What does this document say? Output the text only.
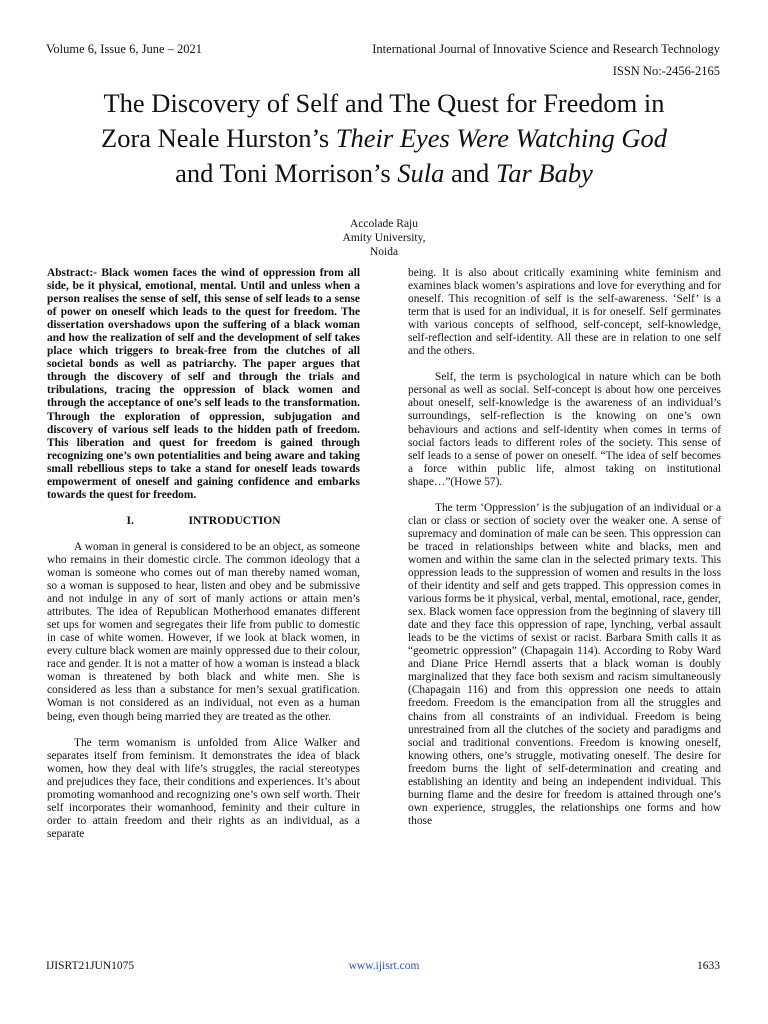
Volume 6, Issue 6, June – 2021	International Journal of Innovative Science and Research Technology
ISSN No:-2456-2165
The Discovery of Self and The Quest for Freedom in
Zora Neale Hurston’s Their Eyes Were Watching God
and Toni Morrison’s Sula and Tar Baby
Accolade Raju
Amity University,
Noida

Abstract:- Black women faces the wind of oppression from all side, be it physical, emotional, mental. Until and unless when a person realises the sense of self, this sense of self leads to a sense of power on oneself which leads to the quest for freedom. The dissertation overshadows upon the suffering of a black woman and how the realization of self and the development of self takes place which triggers to break-free from the clutches of all societal bonds as well as patriarchy. The paper argues that through the discovery of self and through the trials and tribulations, tracing the oppression of black women and through the acceptance of one’s self leads to the transformation. Through the exploration of oppression, subjugation and discovery of various self leads to the hidden path of freedom. This liberation and quest for freedom is gained through recognizing one’s own potentialities and being aware and taking small rebellious steps to take a stand for oneself leads towards empowerment of oneself and gaining confidence and embarks towards the quest for freedom.

I.	INTRODUCTION

A woman in general is considered to be an object, as someone who remains in their domestic circle. The common ideology that a woman is someone who comes out of man thereby named woman, so a woman is supposed to hear, listen and obey and be submissive and not indulge in any of sort of manly actions or attain men’s attributes. The idea of Republican Motherhood emanates different set ups for women and segregates their life from public to domestic in case of white women. However, if we look at black women, in every culture black women are mainly oppressed due to their colour, race and gender. It is not a matter of how a woman is instead a black woman is threatened by both black and white men. She is considered as less than a substance for men’s sexual gratification. Woman is not considered as an individual, not even as a human being, even though being married they are treated as the other.

The term womanism is unfolded from Alice Walker and separates itself from feminism. It demonstrates the idea of black women, how they deal with life’s struggles, the racial stereotypes and prejudices they face, their conditions and experiences. It’s about promoting womanhood and recognizing one’s own self worth. Their self incorporates their womanhood, feminity and their culture in order to attain freedom and their rights as an individual, as a separate

being. It is also about critically examining white feminism and examines black women’s aspirations and love for everything and for oneself. This recognition of self is the self-awareness. ‘Self’ is a term that is used for an individual, it is for oneself. Self germinates with various concepts of selfhood, self-concept, self-knowledge, self-reflection and self-identity. All these are in relation to one self and the others.

Self, the term is psychological in nature which can be both personal as well as social. Self-concept is about how one perceives about oneself, self-knowledge is the awareness of an individual’s surroundings, self-reflection is the knowing on one’s own behaviours and actions and self-identity when comes in terms of social factors leads to different roles of the society. This sense of self leads to a sense of power on oneself. “The idea of self becomes a force within public life, almost taking on institutional shape…”(Howe 57).

The term ‘Oppression’ is the subjugation of an individual or a clan or class or section of society over the weaker one. A sense of supremacy and domination of male can be seen. This oppression can be traced in relationships between white and blacks, men and women and within the same clan in the selected primary texts. This oppression leads to the suppression of women and results in the loss of their identity and self and gets trapped. This oppression comes in various forms be it physical, verbal, mental, emotional, race, gender, sex. Black women face oppression from the beginning of slavery till date and they face this oppression of rape, lynching, verbal assault leads to be the victims of sexist or racist. Barbara Smith calls it as “geometric oppression” (Chapagain 114). According to Roby Ward and Diane Price Herndl asserts that a black woman is doubly marginalized that they face both sexism and racism simultaneously (Chapagain 116) and from this oppression one needs to attain freedom. Freedom is the emancipation from all the struggles and chains from all constraints of an individual. Freedom is being unrestrained from all the clutches of the society and paradigms and social and traditional conventions. Freedom is knowing oneself, knowing others, one’s struggle, motivating oneself. The desire for freedom burns the light of self-determination and creating and establishing an identity and being an independent individual. This burning flame and the desire for freedom is attained through one’s own experience, struggles, the relationships one forms and how those

IJISRT21JUN1075	www.ijisrt.com	1633
